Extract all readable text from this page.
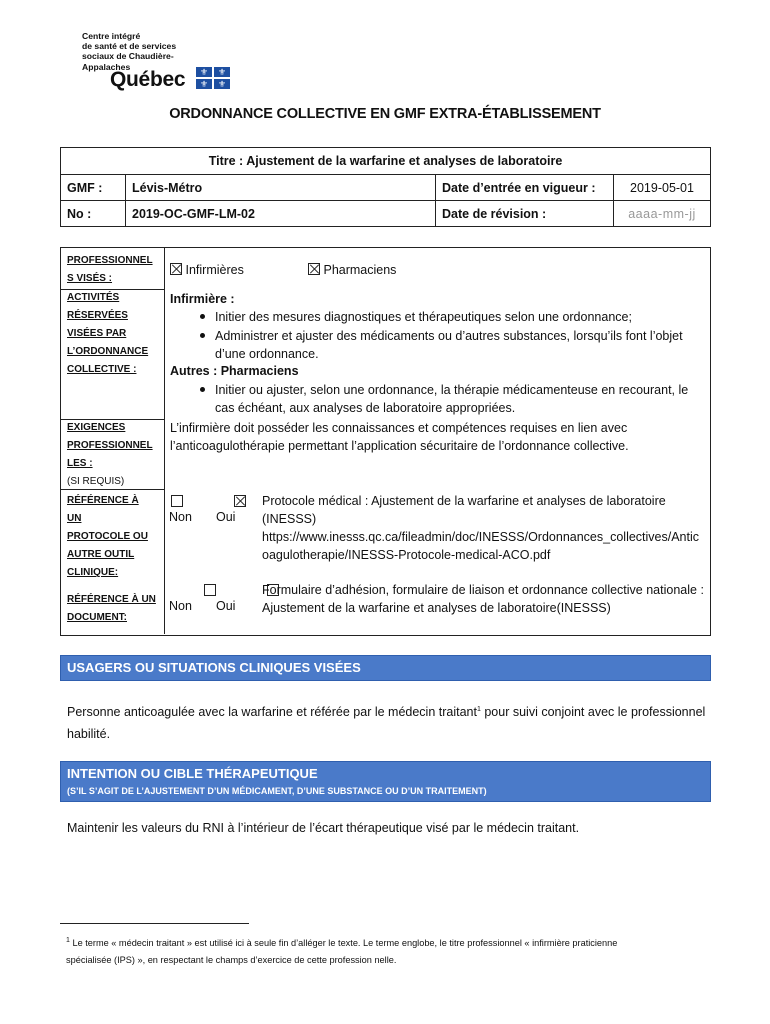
Centre intégré
de santé et de services
sociaux de Chaudière-
Appalaches
Québec	⚜	⚜
⚜	⚜
ORDONNANCE COLLECTIVE EN GMF EXTRA-ÉTABLISSEMENT
Titre : Ajustement de la warfarine et analyses de laboratoire			
GMF :	Lévis-Métro	Date d’entrée en vigueur :	2019-05-01
No :	2019-OC-GMF-LM-02	Date de révision :	aaaa-mm-jj
PROFESSIONNEL
S VISÉS :
Infirmières	Pharmaciens
ACTIVITÉS
RÉSERVÉES
VISÉES PAR
L’ORDONNANCE
COLLECTIVE :
Infirmière :
Initier des mesures diagnostiques et thérapeutiques selon une ordonnance;
Administrer et ajuster des médicaments ou d’autres substances, lorsqu’ils font l’objet
d’une ordonnance.
Autres : Pharmaciens
Initier ou ajuster, selon une ordonnance, la thérapie médicamenteuse en recourant, le
cas échéant, aux analyses de laboratoire appropriées.
EXIGENCES
PROFESSIONNEL
LES :
(SI REQUIS)
L’infirmière doit posséder les connaissances et compétences requises en lien avec
l’anticoagulothérapie permettant l’application sécuritaire de l’ordonnance collective.
RÉFÉRENCE À
UN
PROTOCOLE OU
AUTRE OUTIL
CLINIQUE:

Non Oui
Protocole médical : Ajustement de la warfarine et analyses de laboratoire
(INESSS)
https://www.inesss.qc.ca/fileadmin/doc/INESSS/Ordonnances_collectives/Antic
oagulotherapie/INESSS-Protocole-medical-ACO.pdf
RÉFÉRENCE À UN
DOCUMENT:

Non Oui
Formulaire d’adhésion, formulaire de liaison et ordonnance collective nationale :
Ajustement de la warfarine et analyses de laboratoire(INESSS)
USAGERS OU SITUATIONS CLINIQUES VISÉES
Personne anticoagulée avec la warfarine et référée par le médecin traitant$^1$ pour suivi conjoint avec le professionnel
habilité.
INTENTION OU CIBLE THÉRAPEUTIQUE
(S’IL S’AGIT DE L’AJUSTEMENT D’UN MÉDICAMENT, D’UNE SUBSTANCE OU D’UN TRAITEMENT)
Maintenir les valeurs du RNI à l’intérieur de l’écart thérapeutique visé par le médecin traitant.
$^1$ Le terme « médecin traitant » est utilisé ici à seule fin d’alléger le texte. Le terme englobe, le titre professionnel « infirmière praticienne
spécialisée (IPS) », en respectant le champs d’exercice de cette profession nelle.
